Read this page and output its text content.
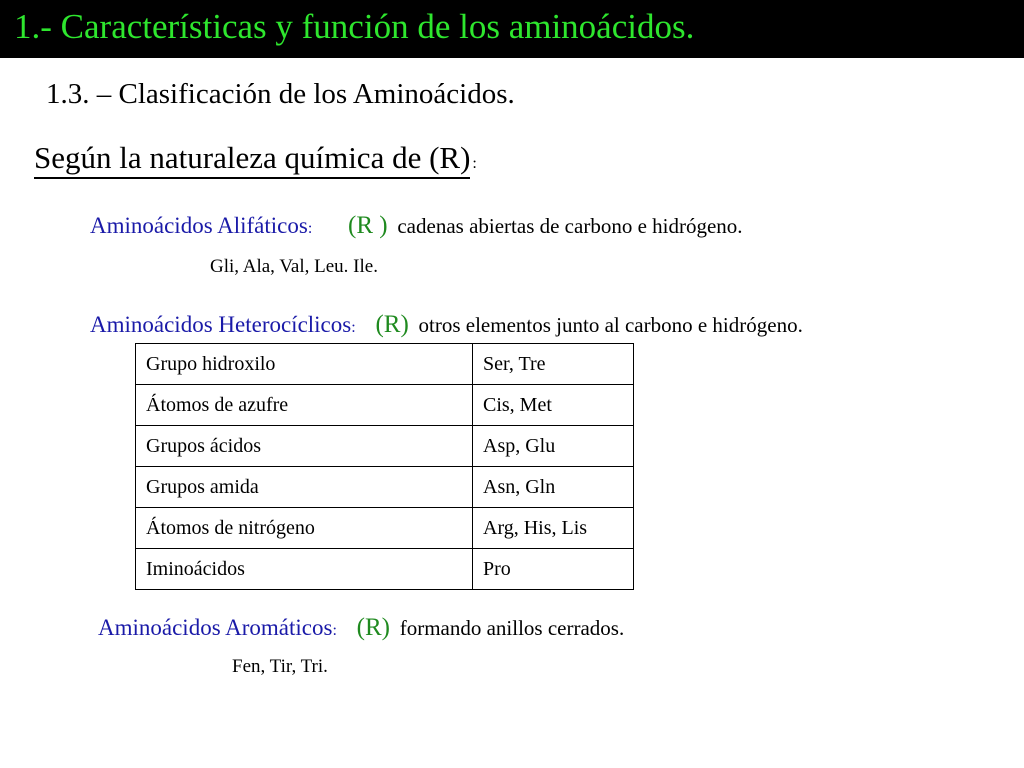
1.- Características y función de los aminoácidos.
1.3. – Clasificación de los Aminoácidos.
Según la naturaleza química de (R) :
Aminoácidos Alifáticos: (R ) cadenas abiertas de carbono e hidrógeno.
Gli, Ala, Val, Leu. Ile.
Aminoácidos Heterocíclicos: (R) otros elementos junto al carbono e hidrógeno.
Grupo hidroxilo	Ser, Tre
Átomos de azufre	Cis, Met
Grupos ácidos	Asp, Glu
Grupos amida	Asn, Gln
Átomos de nitrógeno	Arg, His, Lis
Iminoácidos	Pro
Aminoácidos Aromáticos: (R) formando anillos cerrados.
Fen, Tir, Tri.
